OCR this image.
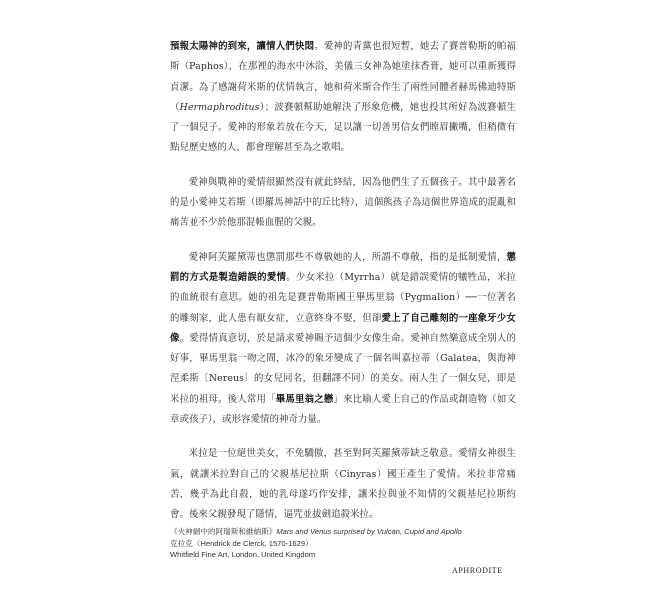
預報太陽神的到來，讓情人們快悶。愛神的青黨也很短暫，她去了賽普勒斯的帕福斯（Paphos），在那裡的海水中沐浴，美儀三女神為她塗抹香膏，她可以重新獲得貞潔。為了感謝荷米斯的伏情執言，她和荷米斯合作生了兩性同體者赫馬佛迪特斯（Hermaphroditus）；波賽頓幫助她解決了形象危機，她也投其所好為波賽頓生了一個兒子。愛神的形象若放在今天，足以讓一切善男信女們瞠眉撇嘴，但稍微有點兒歷史感的人，都會理解甚至為之歌唱。

愛神與戰神的愛情很顯然沒有就此終結，因為他們生了五個孩子。其中最著名的是小愛神艾若斯（即羅馬神話中的丘比特），這個熊孩子為這個世界造成的混亂和痛苦並不少於他那混帳血腥的父親。

愛神阿芙羅黛蒂也懲罰那些不尊敬她的人，所謂不尊敬，指的是抵制愛情，懲罰的方式是製造錯誤的愛情。少女米拉（Myrrha）就是錯誤愛情的犧牲品，米拉的血統很有意思。她的祖先是賽普勒斯國王畢馬里翁（Pygmalion）──一位著名的雕刻家，此人患有厭女症，立意終身不娶，但卻愛上了自己雕刻的一座象牙少女像。愛得情真意切，於是請求愛神賜予這個少女像生命。愛神自然樂意成全別人的好事，畢馬里翁一吻之間，冰冷的象牙變成了一個名叫嘉拉蒂（Galatea，與海神涅柔斯〔Nereus〕的女兒同名，但翻譯不同）的美女。兩人生了一個女兒，即是米拉的祖母。後人常用「畢馬里翁之戀」來比喻人愛上自己的作品或創造物（如文章或孩子），或形容愛情的神奇力量。

米拉是一位絕世美女，不免驕傲，甚至對阿芙羅黛蒂缺乏敬意。愛情女神很生氣，就讓米拉對自己的父親基尼拉斯（Cinyras）國王產生了愛情。米拉非常痛苦，幾乎為此自殺，她的乳母遂巧作安排，讓米拉與並不知情的父親基尼拉斯約會。後來父親發現了隱情，逼咒並拔劍追殺米拉。

《火神網中的阿瑞斯和維納斯》Mars and Venus surprised by Vulcan, Cupid and Apollo
克拉克（Hendrick de Clerck, 1570-1629）
Whitfield Fine Art, London, United Kingdom
APHRODITE
